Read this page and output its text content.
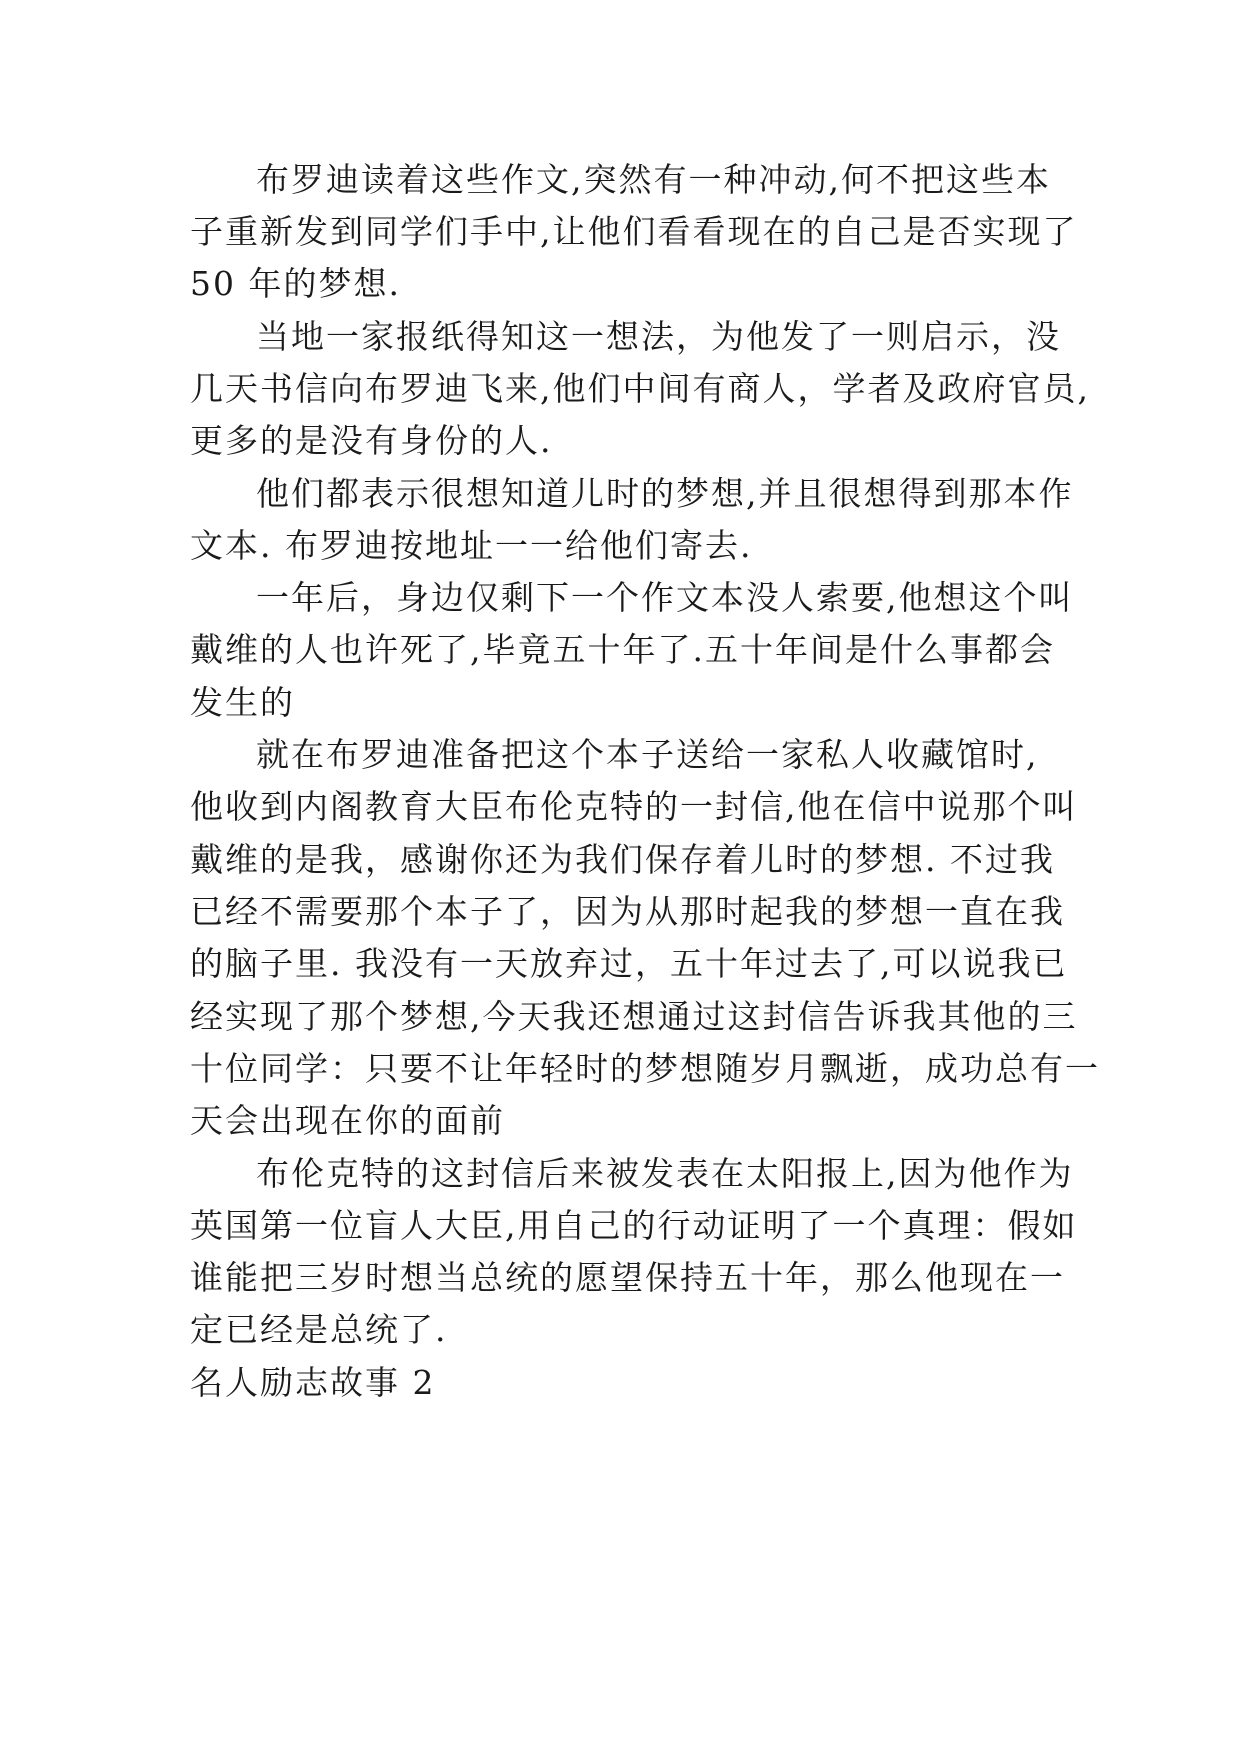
布罗迪读着这些作文,突然有一种冲动,何不把这些本
子重新发到同学们手中,让他们看看现在的自己是否实现了
50 年的梦想.
当地一家报纸得知这一想法，为他发了一则启示，没
几天书信向布罗迪飞来,他们中间有商人，学者及政府官员,
更多的是没有身份的人.
他们都表示很想知道儿时的梦想,并且很想得到那本作
文本. 布罗迪按地址一一给他们寄去.
一年后，身边仅剩下一个作文本没人索要,他想这个叫
戴维的人也许死了,毕竟五十年了.五十年间是什么事都会
发生的
就在布罗迪准备把这个本子送给一家私人收藏馆时,
他收到内阁教育大臣布伦克特的一封信,他在信中说那个叫
戴维的是我，感谢你还为我们保存着儿时的梦想. 不过我
已经不需要那个本子了，因为从那时起我的梦想一直在我
的脑子里. 我没有一天放弃过，五十年过去了,可以说我已
经实现了那个梦想,今天我还想通过这封信告诉我其他的三
十位同学：只要不让年轻时的梦想随岁月飘逝，成功总有一
天会出现在你的面前
布伦克特的这封信后来被发表在太阳报上,因为他作为
英国第一位盲人大臣,用自己的行动证明了一个真理：假如
谁能把三岁时想当总统的愿望保持五十年，那么他现在一
定已经是总统了.
名人励志故事 2
